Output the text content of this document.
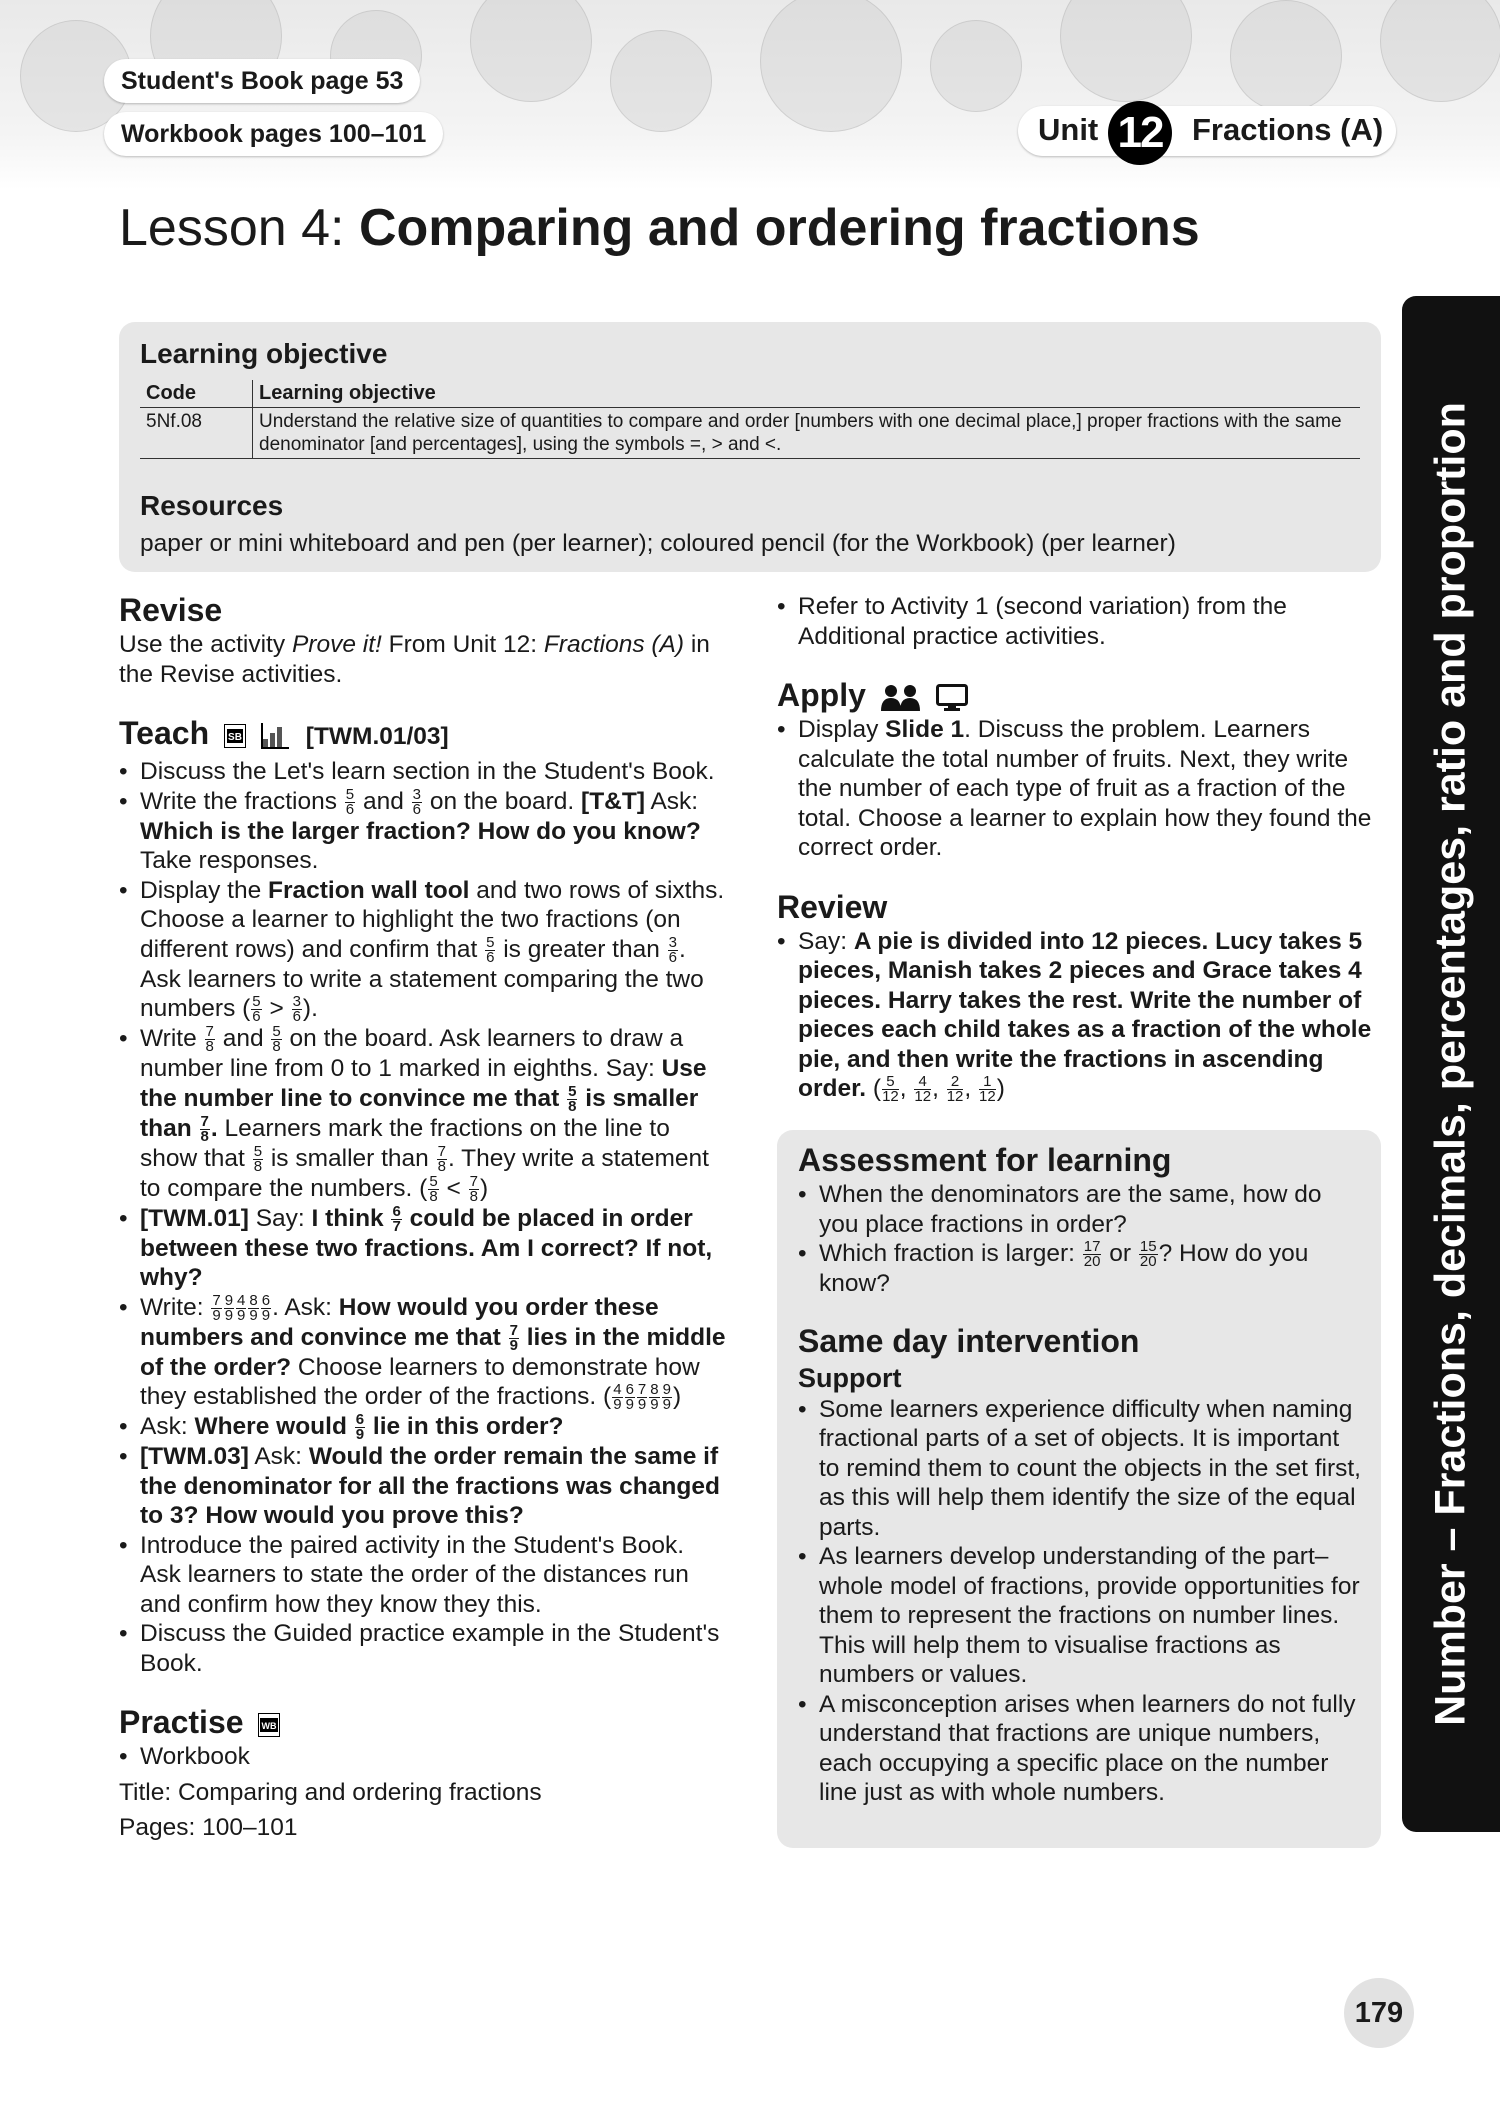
Student's Book page 53
Workbook pages 100–101	Unit 12 Fractions (A)
Lesson 4: Comparing and ordering fractions
Number – Fractions, decimals, percentages, ratio and proportion
Learning objective
Code	Learning objective
5Nf.08	Understand the relative size of quantities to compare and order [numbers with one decimal place,] proper fractions with the same denominator [and percentages], using the symbols =, > and <.
Resources
paper or mini whiteboard and pen (per learner); coloured pencil (for the Workbook) (per learner)
Revise

Use the activity Prove it! From Unit 12: Fractions (A) in the Revise activities.

Teach SB	[TWM.01/03]
• Discuss the Let's learn section in the Student's Book.
• Write the fractions $\frac{5}{6}$ and $\frac{3}{6}$ on the board. [T&T] Ask: Which is the larger fraction? How do you know? Take responses.
• Display the Fraction wall tool and two rows of sixths. Choose a learner to highlight the two fractions (on different rows) and confirm that $\frac{5}{6}$ is greater than $\frac{3}{6}$ . Ask learners to write a statement comparing the two numbers ( $\frac{5}{6} > \frac{3}{6}$ ).
• Write $\frac{7}{8}$ and $\frac{5}{8}$ on the board. Ask learners to draw a number line from 0 to 1 marked in eighths. Say: Use the number line to convince me that $\frac{5}{8}$ is smaller than $\frac{7}{8}$ . Learners mark the fractions on the line to show that $\frac{5}{8}$ is smaller than $\frac{7}{8}$ . They write a statement to compare the numbers. ( $\frac{5}{8} < \frac{7}{8}$ )
• [TWM.01] Say: I think $\frac{6}{7}$ could be placed in order between these two fractions. Am I correct? If not, why?
• Write: $\frac{7}{9} \frac{9}{9} \frac{4}{9} \frac{8}{9} \frac{6}{9}$ . Ask: How would you order these numbers and convince me that $\frac{7}{9}$ lies in the middle of the order? Choose learners to demonstrate how they established the order of the fractions. ( $\frac{4}{9} \frac{6}{9} \frac{7}{9} \frac{8}{9} \frac{9}{9}$ )
• Ask: Where would $\frac{6}{9}$ lie in this order?
• [TWM.03] Ask: Would the order remain the same if the denominator for all the fractions was changed to 3? How would you prove this?
• Introduce the paired activity in the Student's Book. Ask learners to state the order of the distances run and confirm how they know they this.
• Discuss the Guided practice example in the Student's Book.
Practise WB
• Workbook

Title: Comparing and ordering fractions

Pages: 100–101

• Refer to Activity 1 (second variation) from the Additional practice activities.
Apply
• Display Slide 1. Discuss the problem. Learners calculate the total number of fruits. Next, they write the number of each type of fruit as a fraction of the total. Choose a learner to explain how they found the correct order.
Review
• Say: A pie is divided into 12 pieces. Lucy takes 5 pieces, Manish takes 2 pieces and Grace takes 4 pieces. Harry takes the rest. Write the number of pieces each child takes as a fraction of the whole pie, and then write the fractions in ascending order. ( $\frac{5}{12}$ , $\frac{4}{12}$ , $\frac{2}{12}$ , $\frac{1}{12}$ )
Assessment for learning
• When the denominators are the same, how do you place fractions in order?
• Which fraction is larger: $\frac{17}{20}$ or $\frac{15}{20}$ ? How do you know?
Same day intervention

Support

• Some learners experience difficulty when naming fractional parts of a set of objects. It is important to remind them to count the objects in the set first, as this will help them identify the size of the equal parts.
• As learners develop understanding of the part–whole model of fractions, provide opportunities for them to represent the fractions on number lines. This will help them to visualise fractions as numbers or values.
• A misconception arises when learners do not fully understand that fractions are unique numbers, each occupying a specific place on the number line just as with whole numbers.
179
